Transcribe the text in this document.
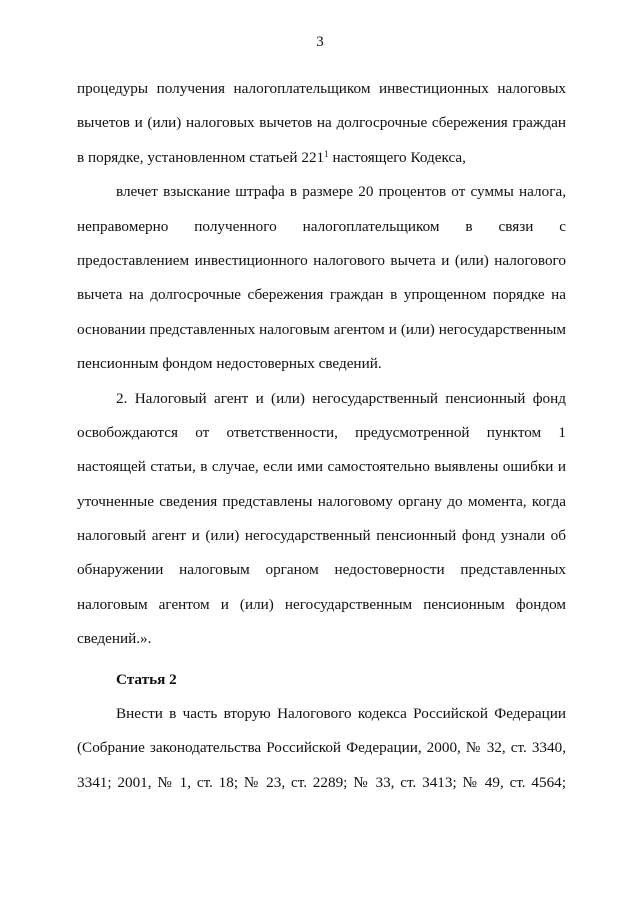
3
процедуры получения налогоплательщиком инвестиционных налоговых
вычетов и (или) налоговых вычетов на долгосрочные сбережения граждан
в порядке, установленном статьей $221^1$ настоящего Кодекса,
влечет взыскание штрафа в размере 20 процентов от суммы налога,
неправомерно полученного налогоплательщиком в связи с
предоставлением инвестиционного налогового вычета и (или) налогового
вычета на долгосрочные сбережения граждан в упрощенном порядке на
основании представленных налоговым агентом и (или) негосударственным
пенсионным фондом недостоверных сведений.
2. Налоговый агент и (или) негосударственный пенсионный фонд
освобождаются от ответственности, предусмотренной пунктом 1
настоящей статьи, в случае, если ими самостоятельно выявлены ошибки и
уточненные сведения представлены налоговому органу до момента, когда
налоговый агент и (или) негосударственный пенсионный фонд узнали об
обнаружении налоговым органом недостоверности представленных
налоговым агентом и (или) негосударственным пенсионным фондом
сведений.».
Статья 2
Внести в часть вторую Налогового кодекса Российской Федерации
(Собрание законодательства Российской Федерации, 2000, № 32, ст. 3340,
3341; 2001, № 1, ст. 18; № 23, ст. 2289; № 33, ст. 3413; № 49, ст. 4564;
